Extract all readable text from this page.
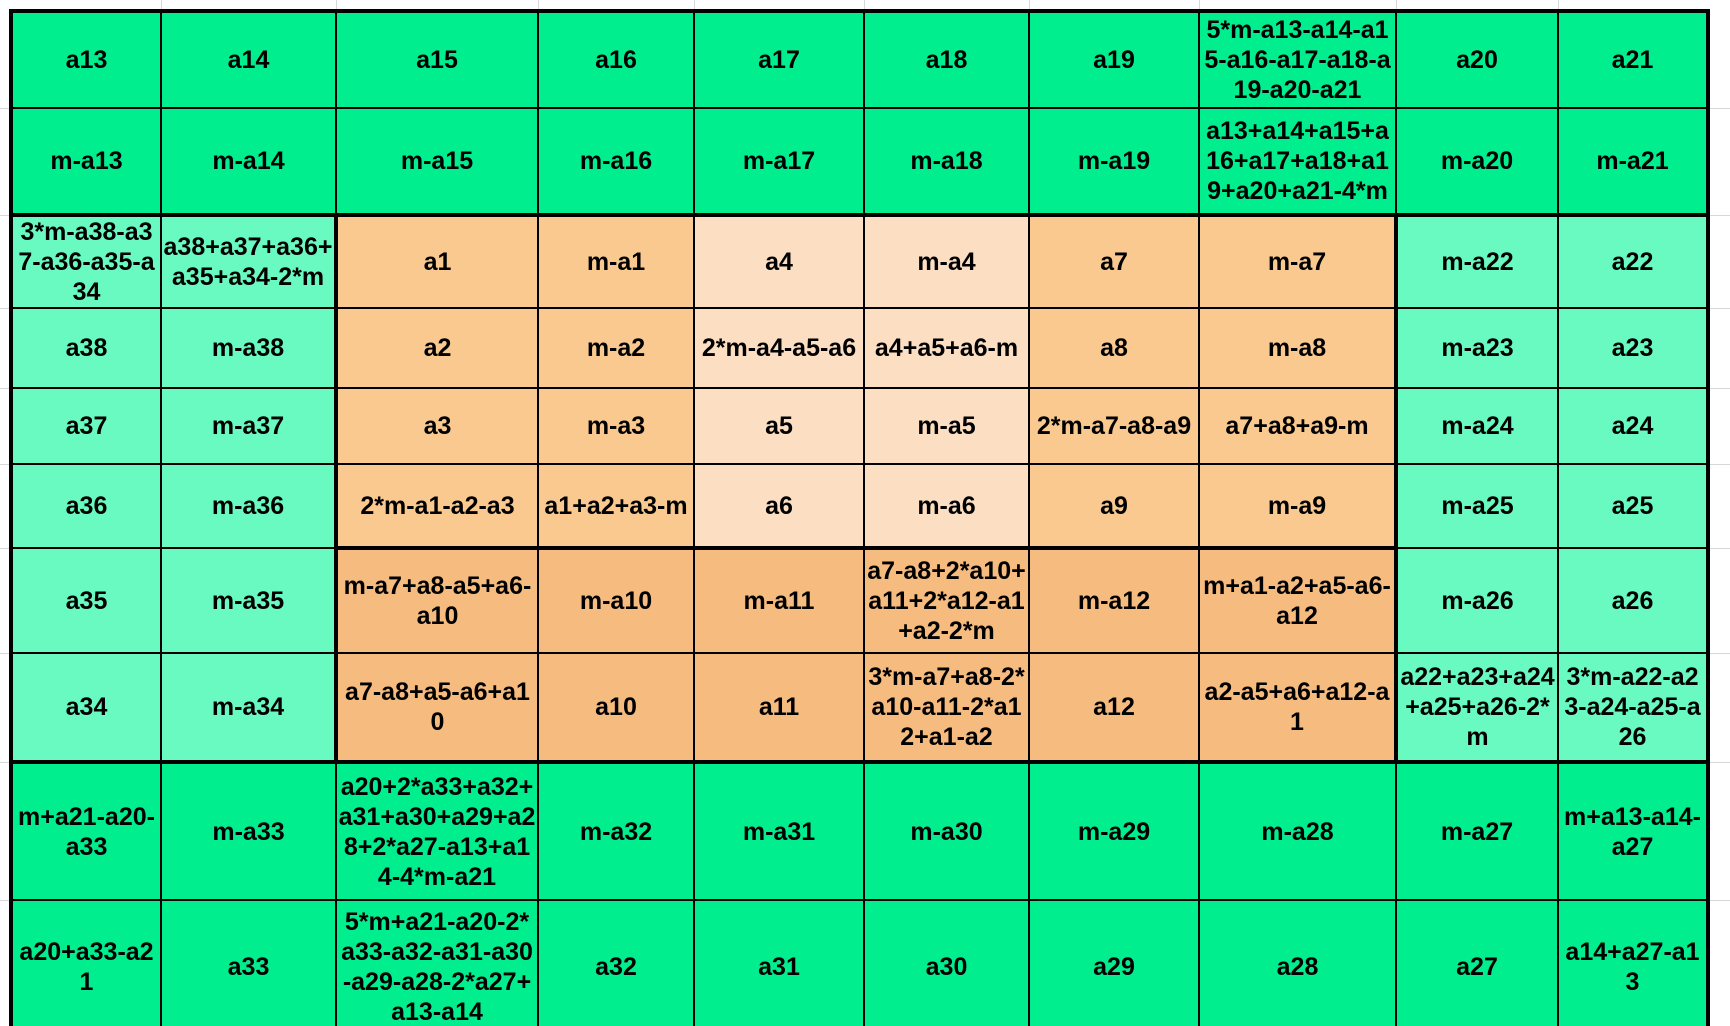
a13	a14	a15	a16	a17	a18	a19	5*m-a13-a14-a15-a16-a17-a18-a19-a20-a21	a20	a21
m-a13	m-a14	m-a15	m-a16	m-a17	m-a18	m-a19	a13+a14+a15+a16+a17+a18+a19+a20+a21-4*m	m-a20	m-a21
3*m-a38-a37-a36-a35-a34	a38+a37+a36+a35+a34-2*m	a1	m-a1	a4	m-a4	a7	m-a7	m-a22	a22
a38	m-a38	a2	m-a2	2*m-a4-a5-a6	a4+a5+a6-m	a8	m-a8	m-a23	a23
a37	m-a37	a3	m-a3	a5	m-a5	2*m-a7-a8-a9	a7+a8+a9-m	m-a24	a24
a36	m-a36	2*m-a1-a2-a3	a1+a2+a3-m	a6	m-a6	a9	m-a9	m-a25	a25
a35	m-a35	m-a7+a8-a5+a6-a10	m-a10	m-a11	a7-a8+2*a10+a11+2*a12-a1+a2-2*m	m-a12	m+a1-a2+a5-a6-a12	m-a26	a26
a34	m-a34	a7-a8+a5-a6+a10	a10	a11	3*m-a7+a8-2*a10-a11-2*a12+a1-a2	a12	a2-a5+a6+a12-a1	a22+a23+a24+a25+a26-2*m	3*m-a22-a23-a24-a25-a26
m+a21-a20-a33	m-a33	a20+2*a33+a32+a31+a30+a29+a28+2*a27-a13+a14-4*m-a21	m-a32	m-a31	m-a30	m-a29	m-a28	m-a27	m+a13-a14-a27
a20+a33-a21	a33	5*m+a21-a20-2*a33-a32-a31-a30-a29-a28-2*a27+a13-a14	a32	a31	a30	a29	a28	a27	a14+a27-a13
